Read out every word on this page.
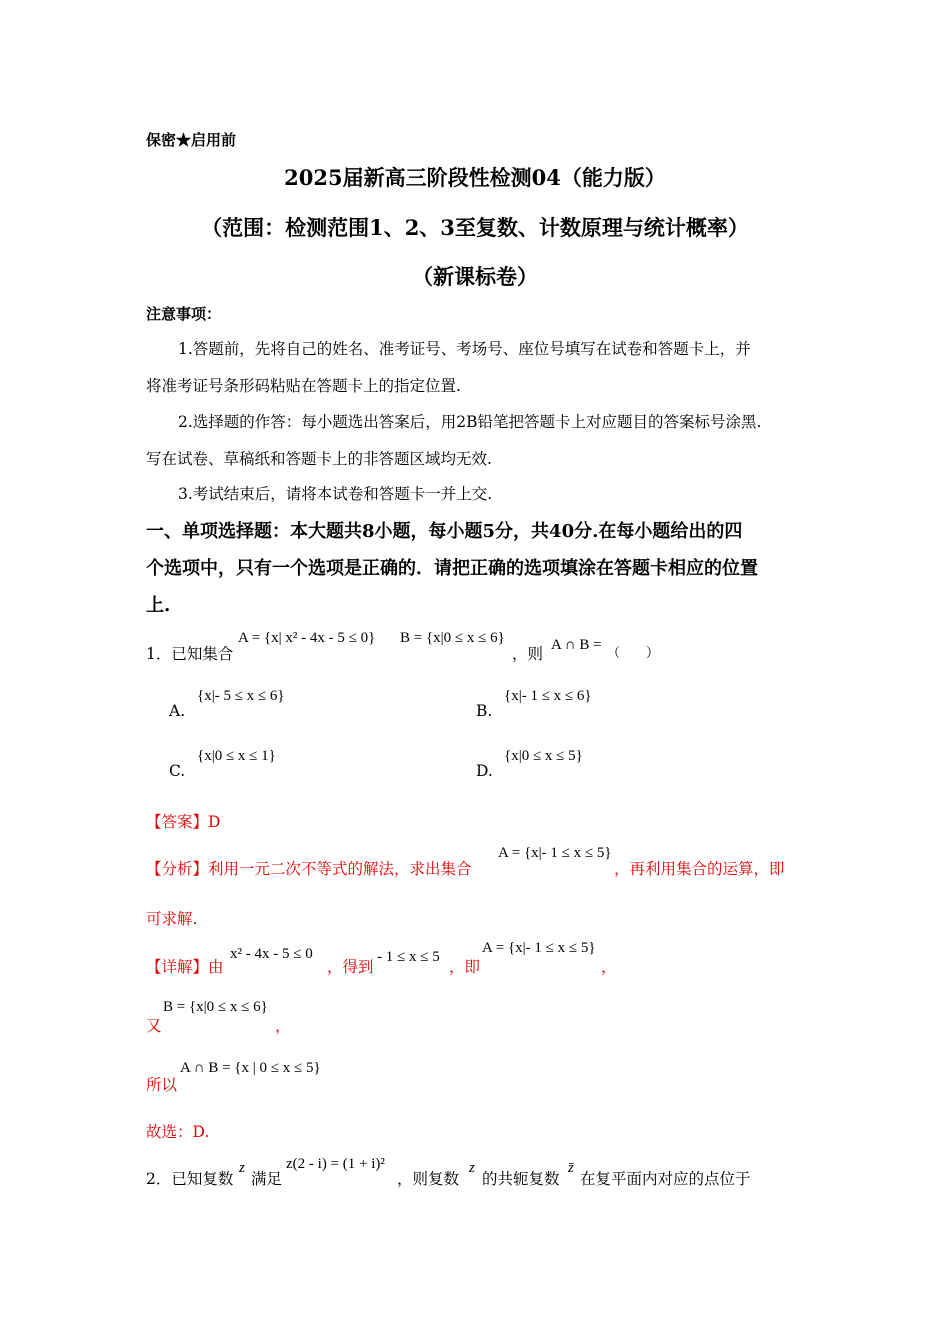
保密★启用前
2025届新高三阶段性检测04（能力版）
（范围：检测范围1、2、3至复数、计数原理与统计概率）
（新课标卷）
注意事项：
1.答题前，先将自己的姓名、准考证号、考场号、座位号填写在试卷和答题卡上，并
将准考证号条形码粘贴在答题卡上的指定位置.
2.选择题的作答：每小题选出答案后，用2B铅笔把答题卡上对应题目的答案标号涂黑.
写在试卷、草稿纸和答题卡上的非答题区域均无效.
3.考试结束后，请将本试卷和答题卡一并上交.
一、单项选择题：本大题共8小题，每小题5分，共40分.在每小题给出的四
个选项中，只有一个选项是正确的．请把正确的选项填涂在答题卡相应的位置
上.
1．已知集合
A = {x| x² - 4x - 5 ≤ 0} B = {x|0 ≤ x ≤ 6}
，则 A ∩ B =
（　　）
A.
{x|- 5 ≤ x ≤ 6}
B.
{x|- 1 ≤ x ≤ 6}
C.
{x|0 ≤ x ≤ 1}
D.
{x|0 ≤ x ≤ 5}
【答案】D
【分析】利用一元二次不等式的解法，求出集合
A = {x|- 1 ≤ x ≤ 5}
，再利用集合的运算，即
可求解.
【详解】由
x² - 4x - 5 ≤ 0
，得到
- 1 ≤ x ≤ 5
，即
A = {x|- 1 ≤ x ≤ 5}
，
又
B = {x|0 ≤ x ≤ 6}
，
所以
A ∩ B = {x | 0 ≤ x ≤ 5}
故选：D.
2．已知复数
z
满足
z(2 - i) = (1 + i)²
，则复数
z
的共轭复数
z̄
在复平面内对应的点位于
